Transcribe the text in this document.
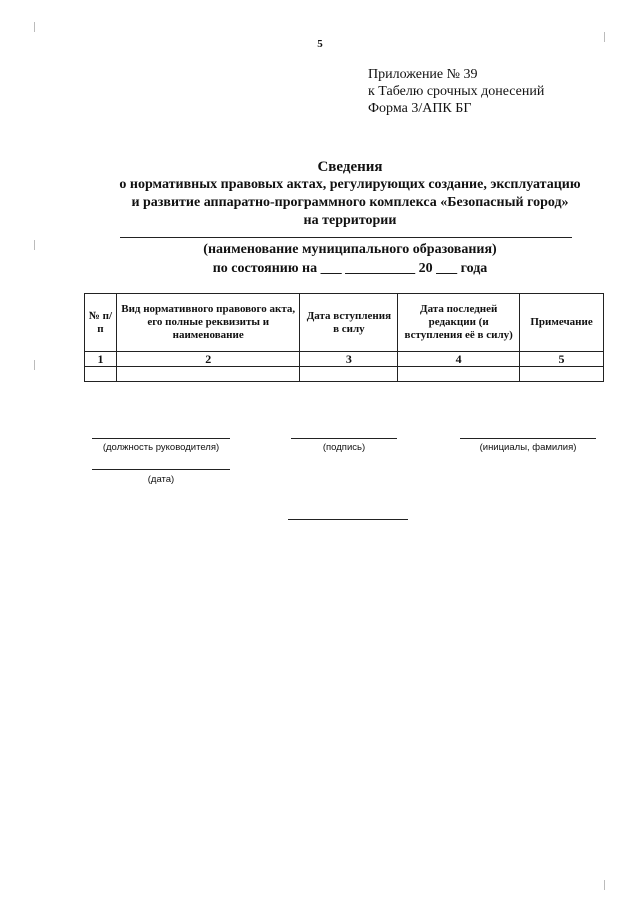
5
Приложение № 39
к Табелю срочных донесений
Форма 3/АПК БГ
Сведения
о нормативных правовых актах, регулирующих создание, эксплуатацию
и развитие аппаратно-программного комплекса «Безопасный город»
на территории
(наименование муниципального образования)
по состоянию на ___ __________ 20 ___ года
№ п/п	Вид нормативного правового акта, его полные реквизиты и наименование	Дата вступления в силу	Дата последней редакции (и вступления её в силу)	Примечание
1	2	3	4	5

(должность руководителя)	(подпись)	(инициалы, фамилия)
(дата)
